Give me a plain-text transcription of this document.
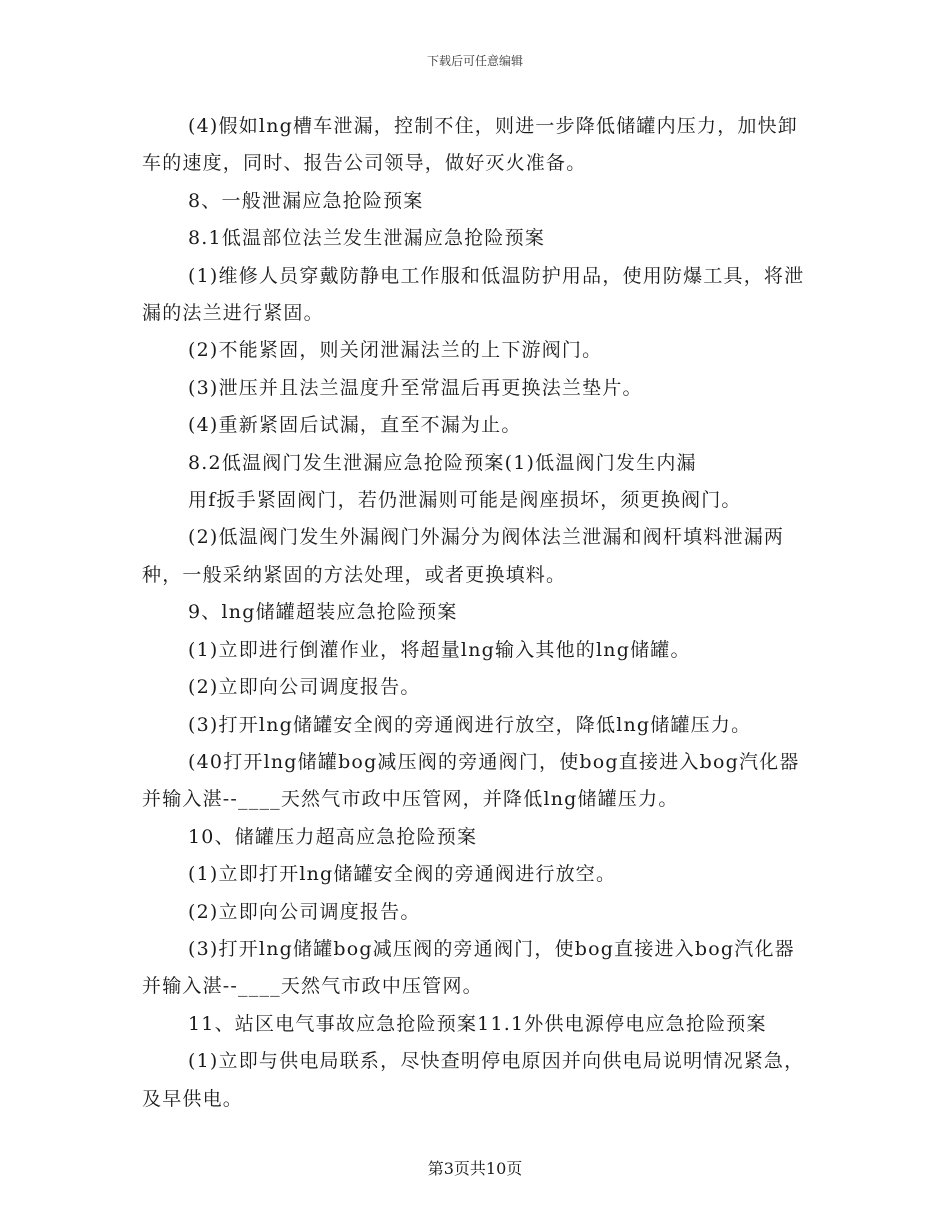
下载后可任意编辑

(4)假如lng槽车泄漏，控制不住，则进一步降低储罐内压力，加快卸车的速度，同时、报告公司领导，做好灭火准备。

8、一般泄漏应急抢险预案

8.1低温部位法兰发生泄漏应急抢险预案

(1)维修人员穿戴防静电工作服和低温防护用品，使用防爆工具，将泄漏的法兰进行紧固。

(2)不能紧固，则关闭泄漏法兰的上下游阀门。

(3)泄压并且法兰温度升至常温后再更换法兰垫片。

(4)重新紧固后试漏，直至不漏为止。

8.2低温阀门发生泄漏应急抢险预案(1)低温阀门发生内漏

用f扳手紧固阀门，若仍泄漏则可能是阀座损坏，须更换阀门。

(2)低温阀门发生外漏阀门外漏分为阀体法兰泄漏和阀杆填料泄漏两种，一般采纳紧固的方法处理，或者更换填料。

9、lng储罐超装应急抢险预案

(1)立即进行倒灌作业，将超量lng输入其他的lng储罐。

(2)立即向公司调度报告。

(3)打开lng储罐安全阀的旁通阀进行放空，降低lng储罐压力。

(40打开lng储罐bog减压阀的旁通阀门，使bog直接进入bog汽化器并输入湛--____天然气市政中压管网，并降低lng储罐压力。

10、储罐压力超高应急抢险预案

(1)立即打开lng储罐安全阀的旁通阀进行放空。

(2)立即向公司调度报告。

(3)打开lng储罐bog减压阀的旁通阀门，使bog直接进入bog汽化器并输入湛--____天然气市政中压管网。

11、站区电气事故应急抢险预案11.1外供电源停电应急抢险预案

(1)立即与供电局联系，尽快查明停电原因并向供电局说明情况紧急，及早供电。

第3页共10页
